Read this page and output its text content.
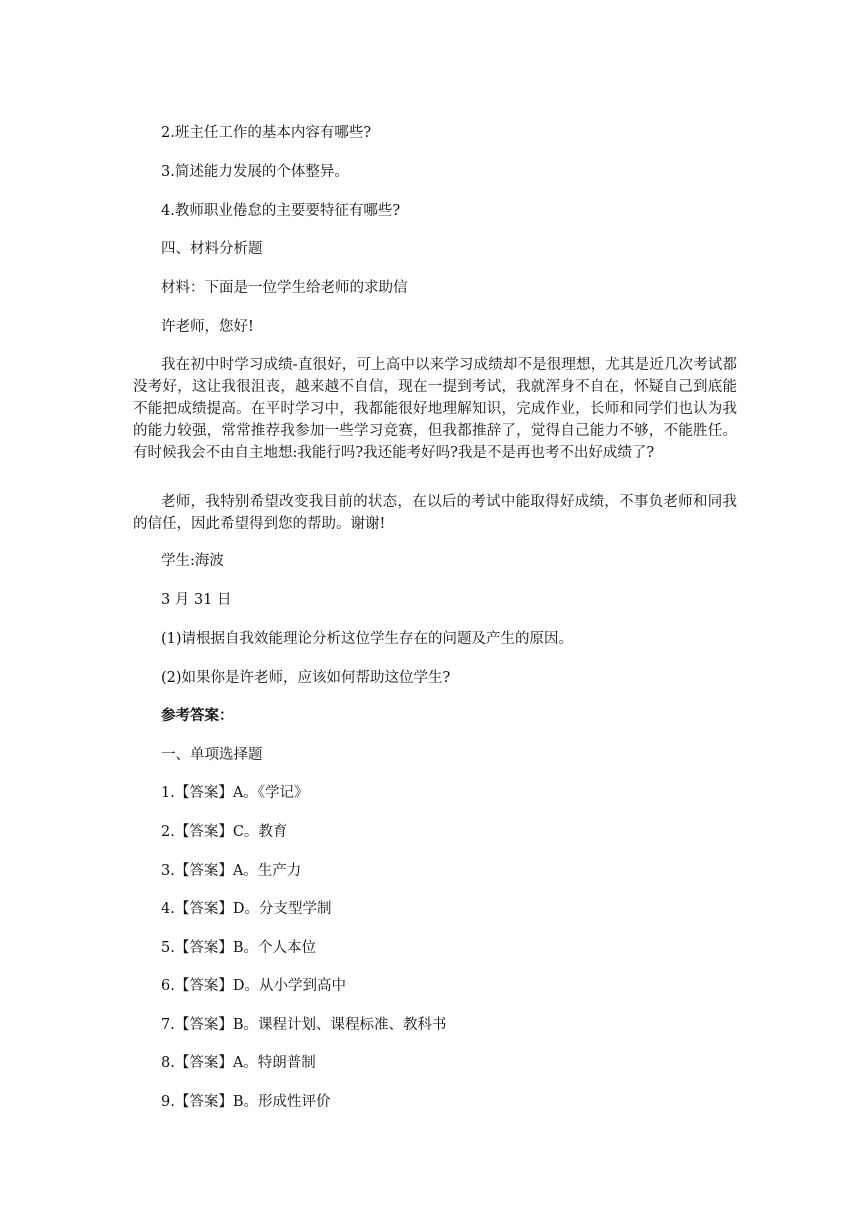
2.班主任工作的基本内容有哪些?

3.简述能力发展的个体整异。

4.教师职业倦怠的主要要特征有哪些?

四、材料分析题

材料：下面是一位学生给老师的求助信

许老师，您好!

我在初中时学习成绩-直很好，可上高中以来学习成绩却不是很理想，尤其是近几次考试都没考好，这让我很沮丧，越来越不自信，现在一提到考试，我就浑身不自在，怀疑自己到底能不能把成绩提高。在平时学习中，我都能很好地理解知识，完成作业，长师和同学们也认为我的能力较强，常常推荐我参加一些学习竞赛，但我都推辞了，觉得自己能力不够，不能胜任。有时候我会不由自主地想:我能行吗?我还能考好吗?我是不是再也考不出好成绩了?

老师，我特别希望改变我目前的状态，在以后的考试中能取得好成绩，不事负老师和同我的信任，因此希望得到您的帮助。谢谢!

学生:海波

3 月 31 日

(1)请根据自我效能理论分析这位学生存在的问题及产生的原因。

(2)如果你是许老师，应该如何帮助这位学生?

参考答案：

一、单项选择题

1.【答案】A。《学记》

2.【答案】C。教育

3.【答案】A。生产力

4.【答案】D。分支型学制

5.【答案】B。个人本位

6.【答案】D。从小学到高中

7.【答案】B。课程计划、课程标准、教科书

8.【答案】A。特朗普制

9.【答案】B。形成性评价
